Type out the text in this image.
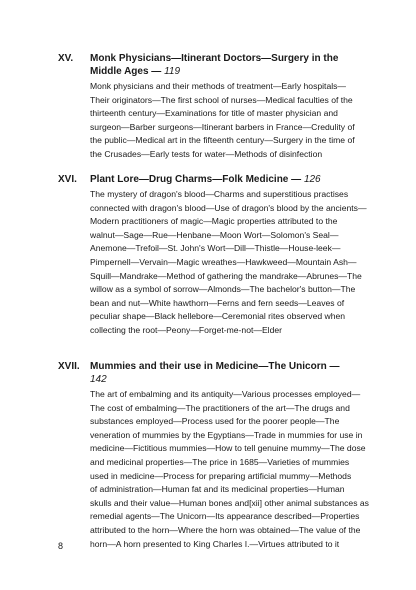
XV. Monk Physicians—Itinerant Doctors—Surgery in the
Middle Ages — 119
Monk physicians and their methods of treatment—Early hospitals—
Their originators—The first school of nurses—Medical faculties of the
thirteenth century—Examinations for title of master physician and
surgeon—Barber surgeons—Itinerant barbers in France—Credulity of
the public—Medical art in the fifteenth century—Surgery in the time of
the Crusades—Early tests for water—Methods of disinfection
XVI. Plant Lore—Drug Charms—Folk Medicine — 126
The mystery of dragon's blood—Charms and superstitious practises
connected with dragon's blood—Use of dragon's blood by the ancients—
Modern practitioners of magic—Magic properties attributed to the
walnut—Sage—Rue—Henbane—Moon Wort—Solomon's Seal—
Anemone—Trefoil—St. John's Wort—Dill—Thistle—House-leek—
Pimpernell—Vervain—Magic wreathes—Hawkweed—Mountain Ash—
Squill—Mandrake—Method of gathering the mandrake—Abrunes—The
willow as a symbol of sorrow—Almonds—The bachelor's button—The
bean and nut—White hawthorn—Ferns and fern seeds—Leaves of
peculiar shape—Black hellebore—Ceremonial rites observed when
collecting the root—Peony—Forget-me-not—Elder
XVII. Mummies and their use in Medicine—The Unicorn — 142
The art of embalming and its antiquity—Various processes employed—
The cost of embalming—The practitioners of the art—The drugs and
substances employed—Process used for the poorer people—The
veneration of mummies by the Egyptians—Trade in mummies for use in
medicine—Fictitious mummies—How to tell genuine mummy—The dose
and medicinal properties—The price in 1685—Varieties of mummies
used in medicine—Process for preparing artificial mummy—Methods
of administration—Human fat and its medicinal properties—Human
skulls and their value—Human bones and[xii] other animal substances as
remedial agents—The Unicorn—Its appearance described—Properties
attributed to the horn—Where the horn was obtained—The value of the
horn—A horn presented to King Charles I.—Virtues attributed to it
8
